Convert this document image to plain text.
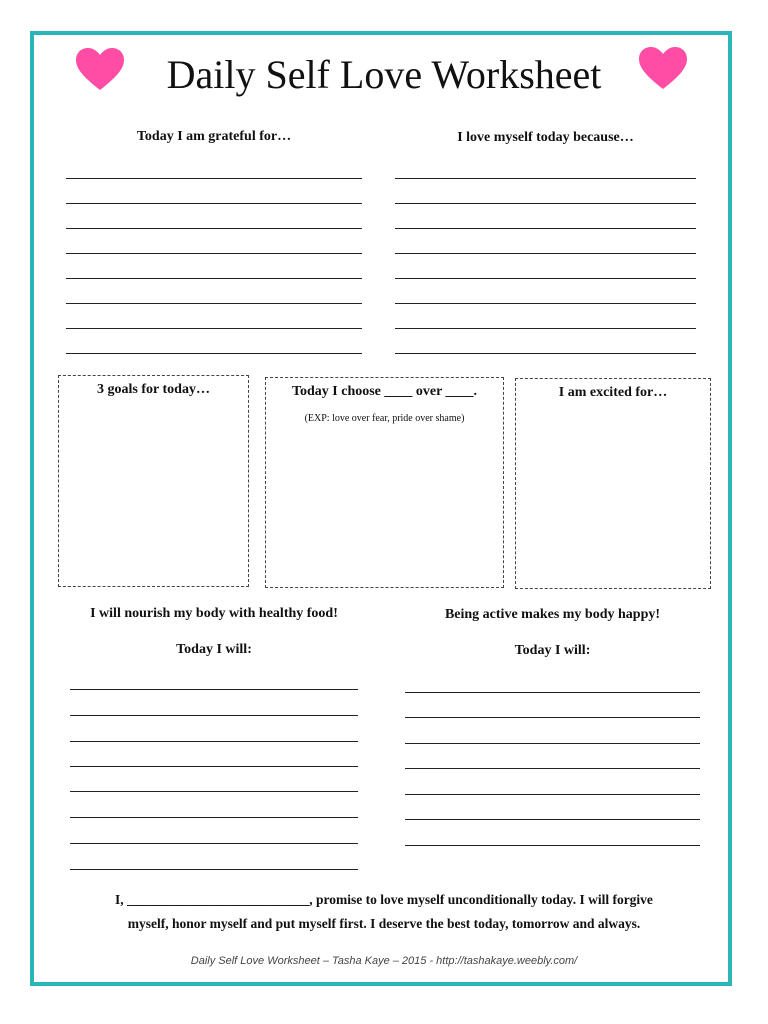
Daily Self Love Worksheet
Today I am grateful for…	I love myself today because…
3 goals for today…	Today I choose ____ over ____.
(EXP: love over fear, pride over shame)
I am excited for…
I will nourish my body with healthy food!
Today I will:
Being active makes my body happy!
Today I will:
I, ___________________________, promise to love myself unconditionally today. I will forgive
myself, honor myself and put myself first. I deserve the best today, tomorrow and always.
Daily Self Love Worksheet – Tasha Kaye – 2015 - http://tashakaye.weebly.com/
